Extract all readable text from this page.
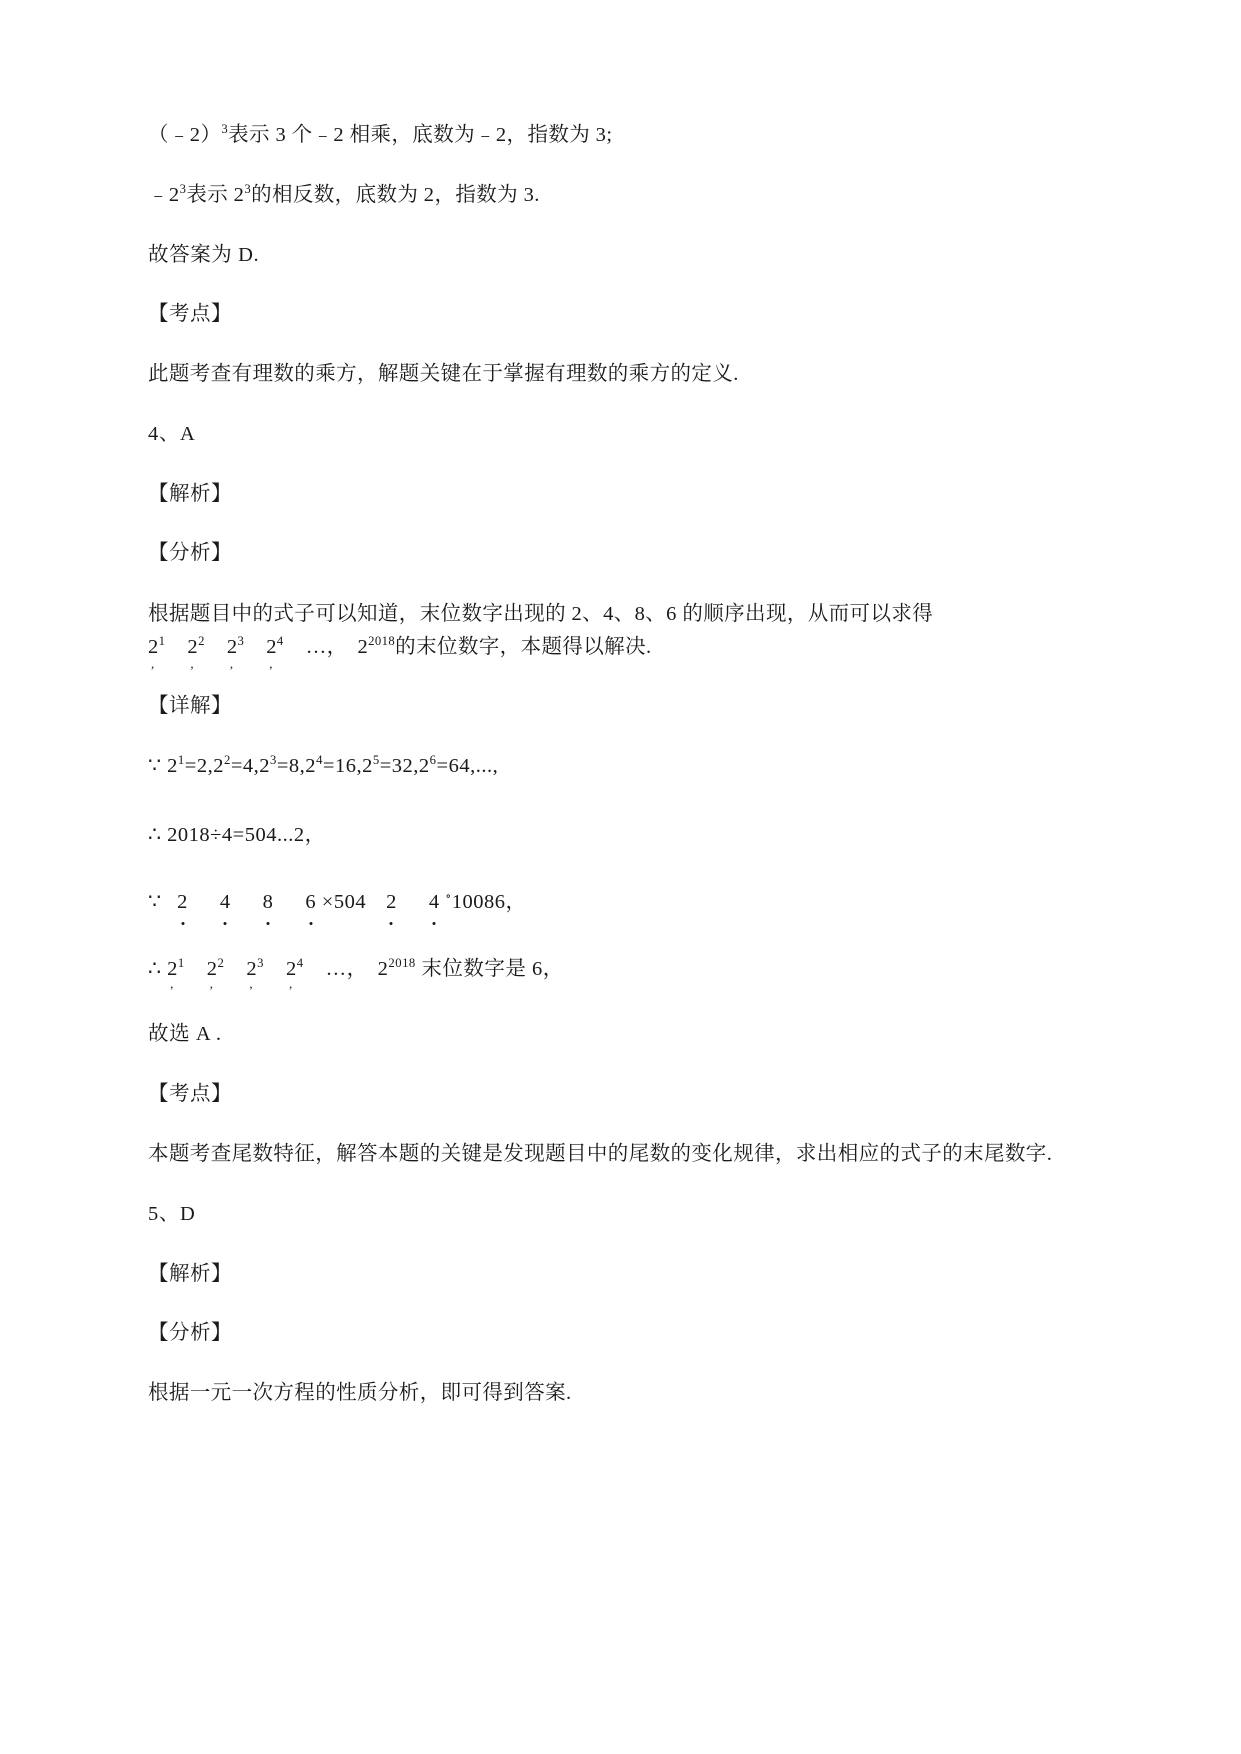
（﹣2）$^3$表示 3 个﹣2 相乘，底数为﹣2，指数为 3;

$﹣2^3$表示 $2^3$的相反数，底数为 2，指数为 3.

故答案为 D.

【考点】

此题考查有理数的乘方，解题关键在于掌握有理数的乘方的定义.

4、A

【解析】

【分析】

根据题目中的式子可以知道，末位数字出现的 2、4、8、6 的顺序出现，从而可以求得
$2^1$
,
$2^2$
,
$2^3$
,
$2^4$
,
…， $2^{2018}$的末位数字，本题得以解决.

【详解】

∵ $2^1=2,2^2=4,2^3=8,2^4=16,2^5=32,2^6=64$,...,

∴ 2018÷4=504...2，

∵ 2 4 8 6 ×504 2 4 ∘10086，

∴ $2^1$
,
$2^2$
,
$2^3$
,
$2^4$
,
…， $2^{2018}$ 末位数字是 6，

故选 A .

【考点】

本题考查尾数特征，解答本题的关键是发现题目中的尾数的变化规律，求出相应的式子的末尾数字.

5、D

【解析】

【分析】

根据一元一次方程的性质分析，即可得到答案.
